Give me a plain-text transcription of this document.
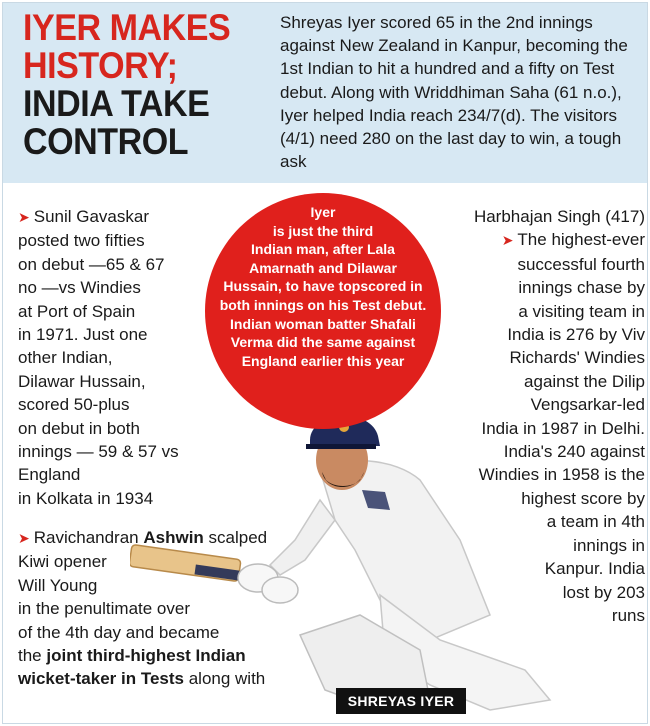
IYER MAKES
HISTORY;
INDIA TAKE
CONTROL
Shreyas Iyer scored 65 in the 2nd innings against New Zealand in Kanpur, becoming the 1st Indian to hit a hundred and a fifty on Test debut. Along with Wriddhiman Saha (61 n.o.), Iyer helped India reach 234/7(d). The visitors (4/1) need 280 on the last day to win, a tough ask
➤ Sunil Gavaskar
posted two fifties
on debut —65 & 67
no —vs Windies
at Port of Spain
in 1971. Just one
other Indian,
Dilawar Hussain,
scored 50-plus
on debut in both
innings — 59 & 57 vs
England
in Kolkata in 1934
Harbhajan Singh (417)
➤ The highest-ever
successful fourth
innings chase by
a visiting team in
India is 276 by Viv
Richards' Windies
against the Dilip
Vengsarkar-led
India in 1987 in Delhi.
India's 240 against
Windies in 1958 is the
highest score by
a team in 4th
innings in
Kanpur. India
lost by 203
runs
➤ Ravichandran Ashwin scalped
Kiwi opener
Will Young
in the penultimate over
of the 4th day and became
the joint third-highest Indian
wicket-taker in Tests along with
Iyer
is just the third
Indian man, after Lala
Amarnath and Dilawar
Hussain, to have topscored in
both innings on his Test debut.
Indian woman batter Shafali
Verma did the same against
England earlier this year
SHREYAS IYER
